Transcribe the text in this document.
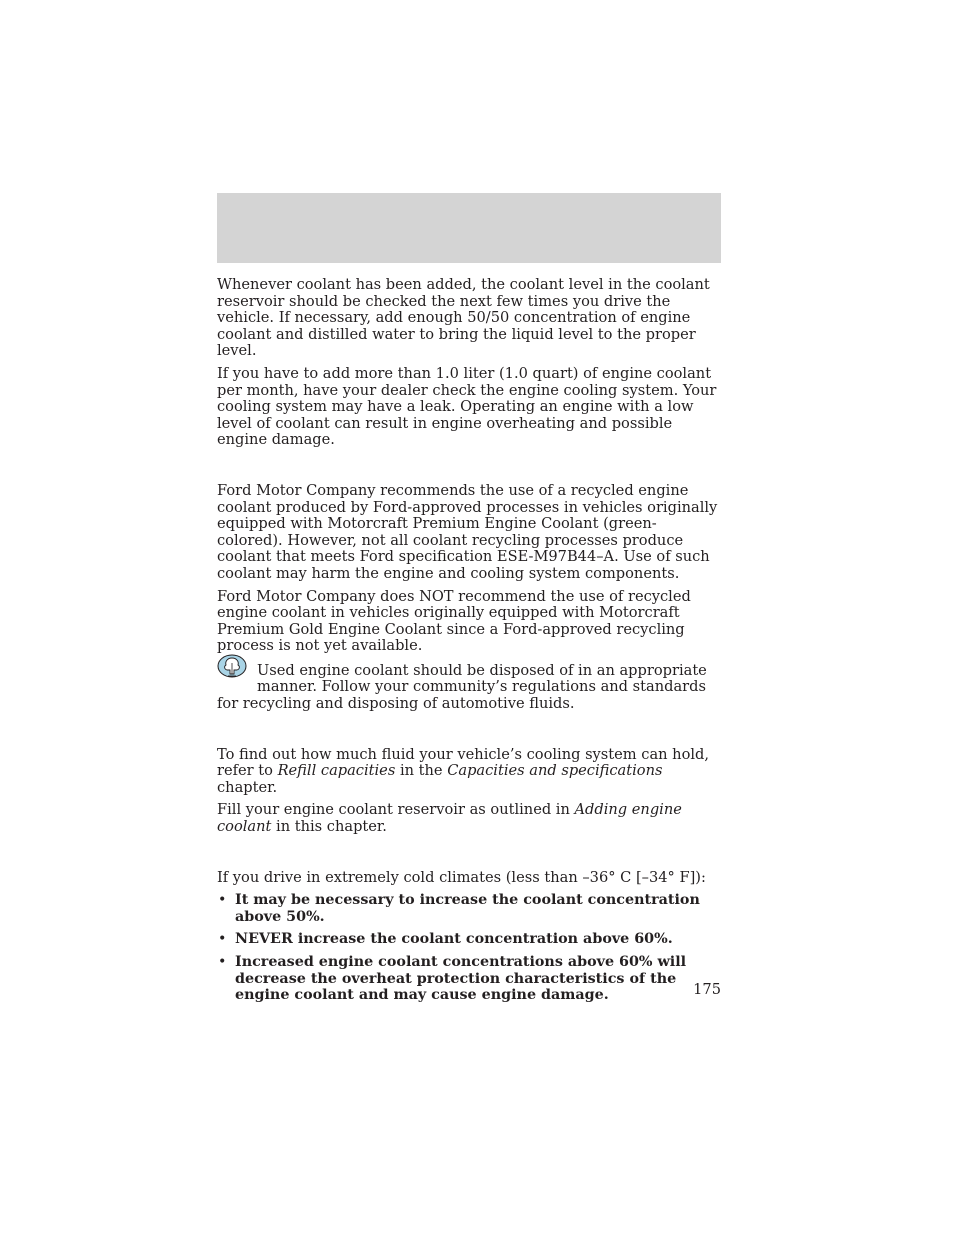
Whenever coolant has been added, the coolant level in the coolant reservoir should be checked the next few times you drive the vehicle. If necessary, add enough 50/50 concentration of engine coolant and distilled water to bring the liquid level to the proper level.

If you have to add more than 1.0 liter (1.0 quart) of engine coolant per month, have your dealer check the engine cooling system. Your cooling system may have a leak. Operating an engine with a low level of coolant can result in engine overheating and possible engine damage.

Ford Motor Company recommends the use of a recycled engine coolant produced by Ford-approved processes in vehicles originally equipped with Motorcraft Premium Engine Coolant (green-colored). However, not all coolant recycling processes produce coolant that meets Ford specification ESE-M97B44–A. Use of such coolant may harm the engine and cooling system components.

Ford Motor Company does NOT recommend the use of recycled engine coolant in vehicles originally equipped with Motorcraft Premium Gold Engine Coolant since a Ford-approved recycling process is not yet available.

Used engine coolant should be disposed of in an appropriate manner. Follow your community’s regulations and standards for recycling and disposing of automotive fluids.

To find out how much fluid your vehicle’s cooling system can hold, refer to Refill capacities in the Capacities and specifications chapter.

Fill your engine coolant reservoir as outlined in Adding engine coolant in this chapter.

If you drive in extremely cold climates (less than –36° C [–34° F]):

• It may be necessary to increase the coolant concentration above 50%.
• NEVER increase the coolant concentration above 60%.
• Increased engine coolant concentrations above 60% will decrease the overheat protection characteristics of the engine coolant and may cause engine damage.	175
